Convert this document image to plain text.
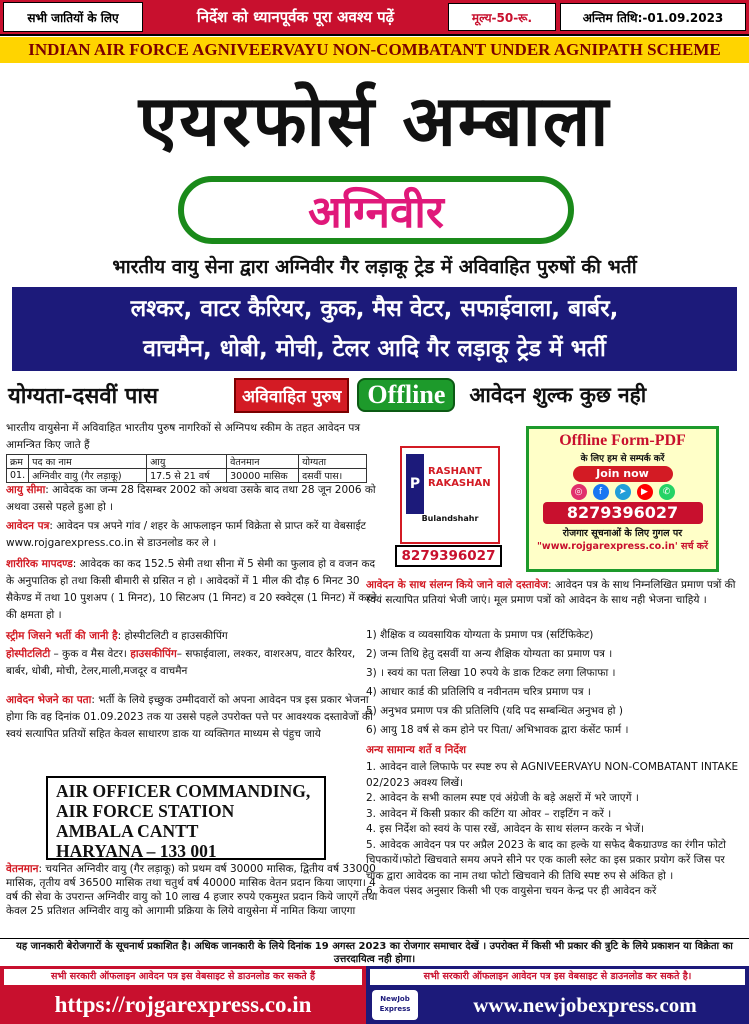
सभी जातियों के लिए	निर्देश को ध्यानपूर्वक पूरा अवश्य पढ़ें	मूल्य-50-रू.	अन्तिम तिथि:-01.09.2023
INDIAN AIR FORCE AGNIVEERVAYU NON-COMBATANT UNDER AGNIPATH SCHEME
एयरफोर्स अम्बाला
अग्निवीर
भारतीय वायु सेना द्वारा अग्निवीर गैर लड़ाकू ट्रेड में अविवाहित पुरुषों की भर्ती
लश्कर, वाटर कैरियर, कुक, मैस वेटर, सफाईवाला, बार्बर,
वाचमैन, धोबी, मोची, टेलर आदि गैर लड़ाकू ट्रेड में भर्ती
योग्यता-दसवीं पास	अविवाहित पुरुष	Offline	आवेदन शुल्क कुछ नही
भारतीय वायुसेना में अविवाहित भारतीय पुरुष नागरिकों से अग्निपथ स्कीम के तहत आवेदन पत्र आमन्त्रित किए जाते हैं
क्रम	पद का नाम	आयु	वेतनमान	योग्यता
01.	अग्निवीर वायु (गैर लड़ाकू)	17.5 से 21 वर्ष	30000 मासिक	दसवीं पास।
आयु सीमा: आवेदक का जन्म 28 दिसम्बर 2002 को अथवा उसके बाद तथा 28 जून 2006 को अथवा उससे पहले हुआ हो ।
आवेदन पत्र: आवेदन पत्र अपने गांव / शहर के आफलाइन फार्म विक्रेता से प्राप्त करें या वेबसाईट www.rojgarexpress.co.in से डाउनलोड कर ले ।
शारीरिक मापदण्ड: आवेदक का कद 152.5 सेमी तथा सीना में 5 सेमी का फुलाव हो व वजन कद के अनुपातिक हो तथा किसी बीमारी से ग्रसित न हो । आवेदकों में 1 मील की दौड़ 6 मिनट 30 सैकेण्ड में तथा 10 पुशअप ( 1 मिनट), 10 सिटअप (1 मिनट) व 20 स्क्वेट्स (1 मिनट) में करने की क्षमता हो ।
स्ट्रीम जिसने भर्ती की जानी है: होस्पीटलिटी व हाउसकीपिंग
होस्पीटलिटी – कुक व मैस वेटर। हाउसकीपिंग– सफाईवाला, लश्कर, वाशरअप, वाटर कैरियर, बार्बर, धोबी, मोची, टेलर,माली,मजदूर व वाचमैन
आवेदन भेजने का पता: भर्ती के लिये इच्छुक उम्मीदवारों को अपना आवेदन पत्र इस प्रकार भेजना होगा कि वह दिनांक 01.09.2023 तक या उससे पहले उपरोक्त पत्ते पर आवश्यक दस्तावेजों की स्वयं सत्यापित प्रतियों सहित केवल साधारण डाक या व्यक्तिगत माध्यम से पंहुच जाये
AIR OFFICER COMMANDING,
AIR FORCE STATION
AMBALA CANTT
HARYANA – 133 001
वेतनमान: चयनित अग्निवीर वायु (गैर लड़ाकू) को प्रथम वर्ष 30000 मासिक, द्वितीय वर्ष 33000 मासिक, तृतीय वर्ष 36500 मासिक तथा चतुर्थ वर्ष 40000 मासिक वेतन प्रदान किया जाएगा। 4 वर्ष की सेवा के उपरान्त अग्निवीर वायु को 10 लाख 4 हजार रुपये एकमुश्त प्रदान किये जाएगें तथा केवल 25 प्रतिशत अग्निवीर वायु को आगामी प्रक्रिया के लिये वायुसेना में नामित किया जाएगा
P
RASHANT
RAKASHAN
Bulandshahr
8279396027
Offline Form-PDF
के लिए हम से सम्पर्क करें
Join now
◎	f	➤	▶	✆
8279396027
रोजगार सूचनाओं के लिए गुगल पर
"www.rojgarexpress.co.in' सर्च करें
आवेदन के साथ संलग्न किये जाने वाले दस्तावेज: आवेदन पत्र के साथ निम्नलिखित प्रमाण पत्रों की स्वयं सत्यापित प्रतियां भेजी जाएं। मूल प्रमाण पत्रों को आवेदन के साथ नही भेजना चाहिये ।
1) शैक्षिक व व्यवसायिक योग्यता के प्रमाण पत्र (सर्टिफिकेट)
2) जन्म तिथि हेतु दसवीं या अन्य शैक्षिक योग्यता का प्रमाण पत्र ।
3) । स्वयं का पता लिखा 10 रुपये के डाक टिकट लगा लिफाफा ।
4) आधार कार्ड की प्रतिलिपि व नवीनतम चरित्र प्रमाण पत्र ।
5) अनुभव प्रमाण पत्र की प्रतिलिपि (यदि पद सम्बन्धित अनुभव हो )
6) आयु 18 वर्ष से कम होने पर पिता/ अभिभावक द्वारा कंसेंट फार्म ।
अन्य सामान्य शर्ते व निर्देश
1. आवेदन वाले लिफाफे पर स्पष्ट रुप से AGNIVEERVAYU NON-COMBATANT INTAKE 02/2023 अवश्य लिखें।
2. आवेदन के सभी कालम स्पष्ट एवं अंग्रेजी के बड़े अक्षरों में भरे जाएगें ।
3. आवेदन में किसी प्रकार की कटिंग या ओवर – राइटिंग न करें ।
4. इस निर्देश को स्वयं के पास रखें, आवेदन के साथ संलग्न करके न भेजें।
5. आवेदक आवेदन पत्र पर अप्रैल 2023 के बाद का हल्के या सफेद बैकग्राउण्ड का रंगीन फोटो चिपकायें।फोटो खिचवाते समय अपने सीने पर एक काली स्लेट का इस प्रकार प्रयोग करें जिस पर चाक द्वारा आवेदक का नाम तथा फोटो खिचवाने की तिथि स्पष्ट रुप से अंकित हो ।
6. केवल पंसद अनुसार किसी भी एक वायुसेना चयन केन्द्र पर ही आवेदन करें
यह जानकारी बेरोजगारों के सूचनार्थ प्रकाशित है। अधिक जानकारी के लिये दिनांक 19 अगस्त 2023 का रोजगार समाचार देखें । उपरोक्त में किसी भी प्रकार की त्रुटि के लिये प्रकाशन या विक्रेता का उत्तरदायित्व नही होगा।
सभी सरकारी ऑफलाइन आवेदन पत्र इस वेबसाइट से डाउनलोड कर सकते हैं
https://rojgarexpress.co.in
सभी सरकारी ऑफलाइन आवेदन पत्र इस वेबसाइट से डाउनलोड कर सकते है।
NewJob Express	www.newjobexpress.com
